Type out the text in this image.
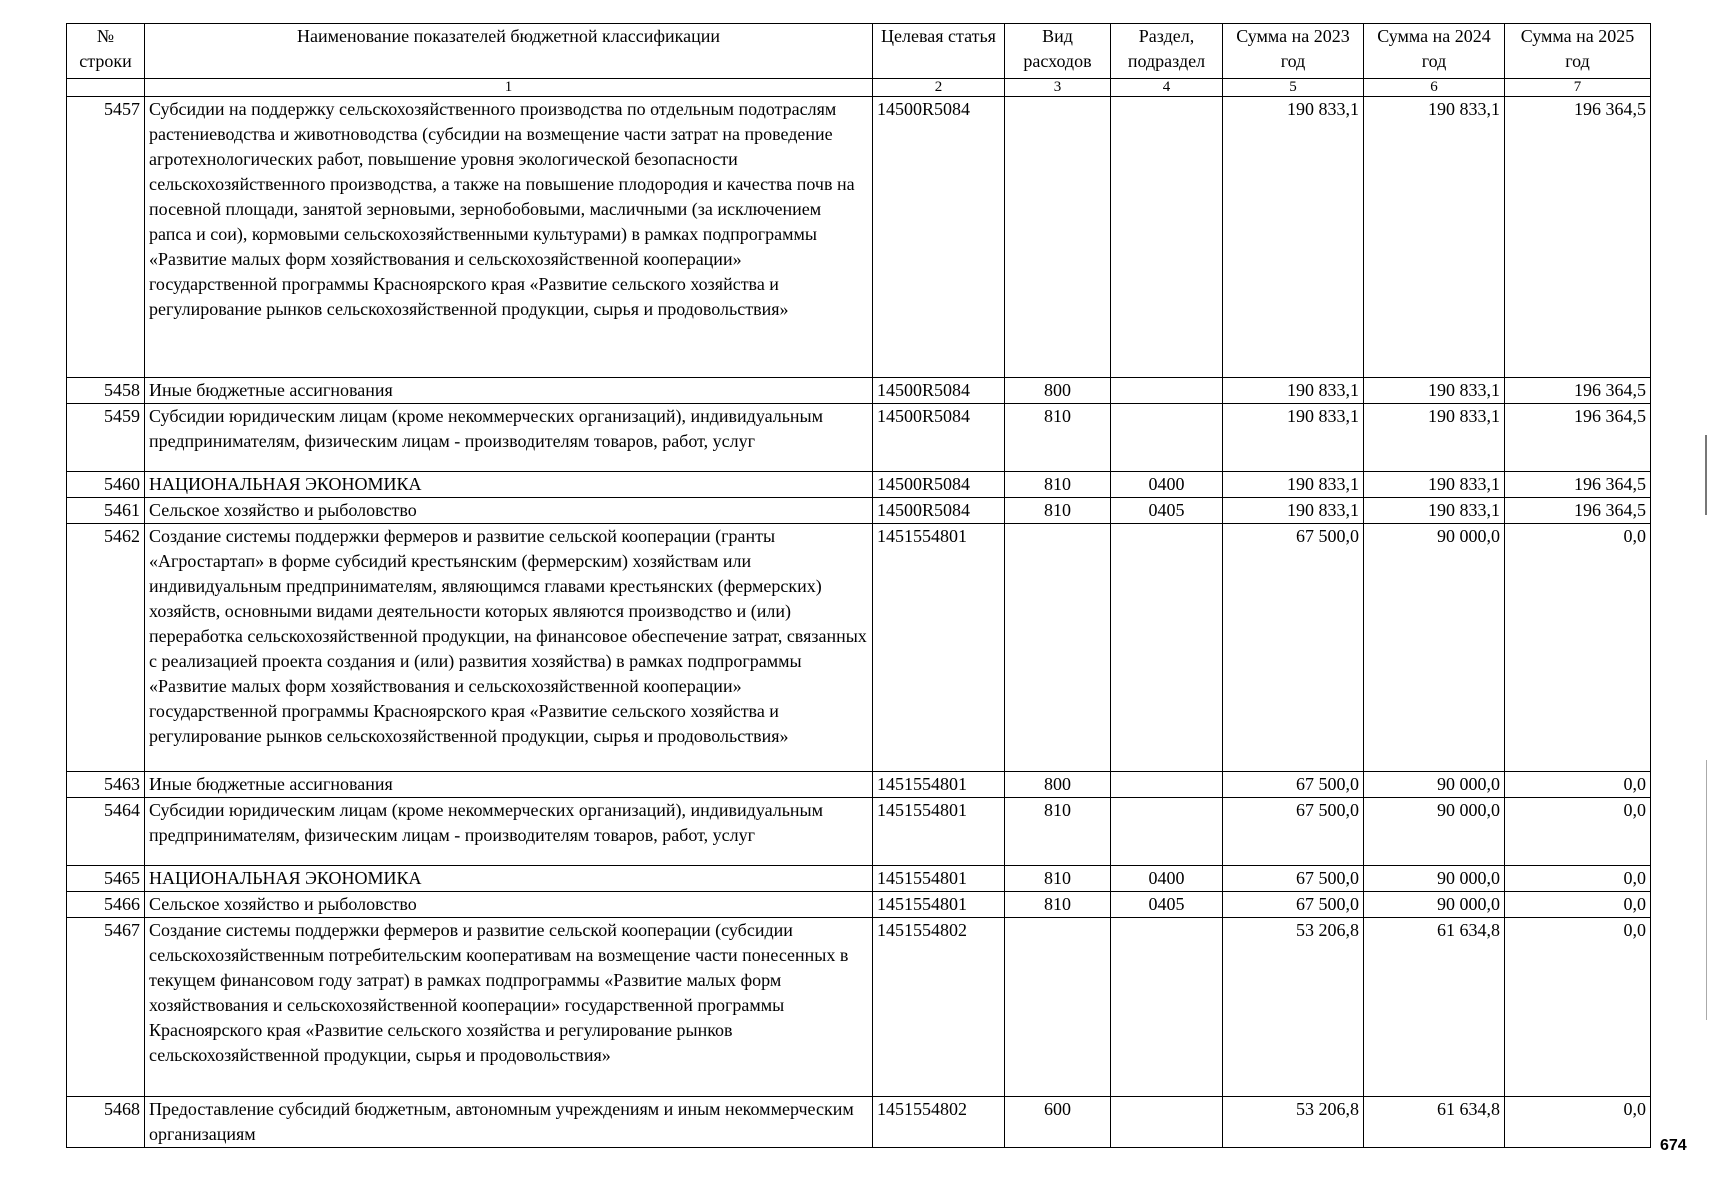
№ строки	Наименование показателей бюджетной классификации	Целевая статья	Вид расходов	Раздел, подраздел	Сумма на 2023 год	Сумма на 2024 год	Сумма на 2025 год
	1	2	3	4	5	6	7
5457	Субсидии на поддержку сельскохозяйственного производства по отдельным подотраслям растениеводства и животноводства (субсидии на возмещение части затрат на проведение агротехнологических работ, повышение уровня экологической безопасности сельскохозяйственного производства, а также на повышение плодородия и качества почв на посевной площади, занятой зерновыми, зернобобовыми, масличными (за исключением рапса и сои), кормовыми сельскохозяйственными культурами) в рамках подпрограммы «Развитие малых форм хозяйствования и сельскохозяйственной кооперации» государственной программы Красноярского края «Развитие сельского хозяйства и регулирование рынков сельскохозяйственной продукции, сырья и продовольствия»	14500R5084			190 833,1	190 833,1	196 364,5
5458	Иные бюджетные ассигнования	14500R5084	800		190 833,1	190 833,1	196 364,5
5459	Субсидии юридическим лицам (кроме некоммерческих организаций), индивидуальным предпринимателям, физическим лицам - производителям товаров, работ, услуг	14500R5084	810		190 833,1	190 833,1	196 364,5
5460	НАЦИОНАЛЬНАЯ ЭКОНОМИКА	14500R5084	810	0400	190 833,1	190 833,1	196 364,5
5461	Сельское хозяйство и рыболовство	14500R5084	810	0405	190 833,1	190 833,1	196 364,5
5462	Создание системы поддержки фермеров и развитие сельской кооперации (гранты «Агростартап» в форме субсидий крестьянским (фермерским) хозяйствам или индивидуальным предпринимателям, являющимся главами крестьянских (фермерских) хозяйств, основными видами деятельности которых являются производство и (или) переработка сельскохозяйственной продукции, на финансовое обеспечение затрат, связанных с реализацией проекта создания и (или) развития хозяйства) в рамках подпрограммы «Развитие малых форм хозяйствования и сельскохозяйственной кооперации» государственной программы Красноярского края «Развитие сельского хозяйства и регулирование рынков сельскохозяйственной продукции, сырья и продовольствия»	1451554801			67 500,0	90 000,0	0,0
5463	Иные бюджетные ассигнования	1451554801	800		67 500,0	90 000,0	0,0
5464	Субсидии юридическим лицам (кроме некоммерческих организаций), индивидуальным предпринимателям, физическим лицам - производителям товаров, работ, услуг	1451554801	810		67 500,0	90 000,0	0,0
5465	НАЦИОНАЛЬНАЯ ЭКОНОМИКА	1451554801	810	0400	67 500,0	90 000,0	0,0
5466	Сельское хозяйство и рыболовство	1451554801	810	0405	67 500,0	90 000,0	0,0
5467	Создание системы поддержки фермеров и развитие сельской кооперации (субсидии сельскохозяйственным потребительским кооперативам на возмещение части понесенных в текущем финансовом году затрат) в рамках подпрограммы «Развитие малых форм хозяйствования и сельскохозяйственной кооперации» государственной программы Красноярского края «Развитие сельского хозяйства и регулирование рынков сельскохозяйственной продукции, сырья и продовольствия»	1451554802			53 206,8	61 634,8	0,0
5468	Предоставление субсидий бюджетным, автономным учреждениям и иным некоммерческим организациям	1451554802	600		53 206,8	61 634,8	0,0
674
